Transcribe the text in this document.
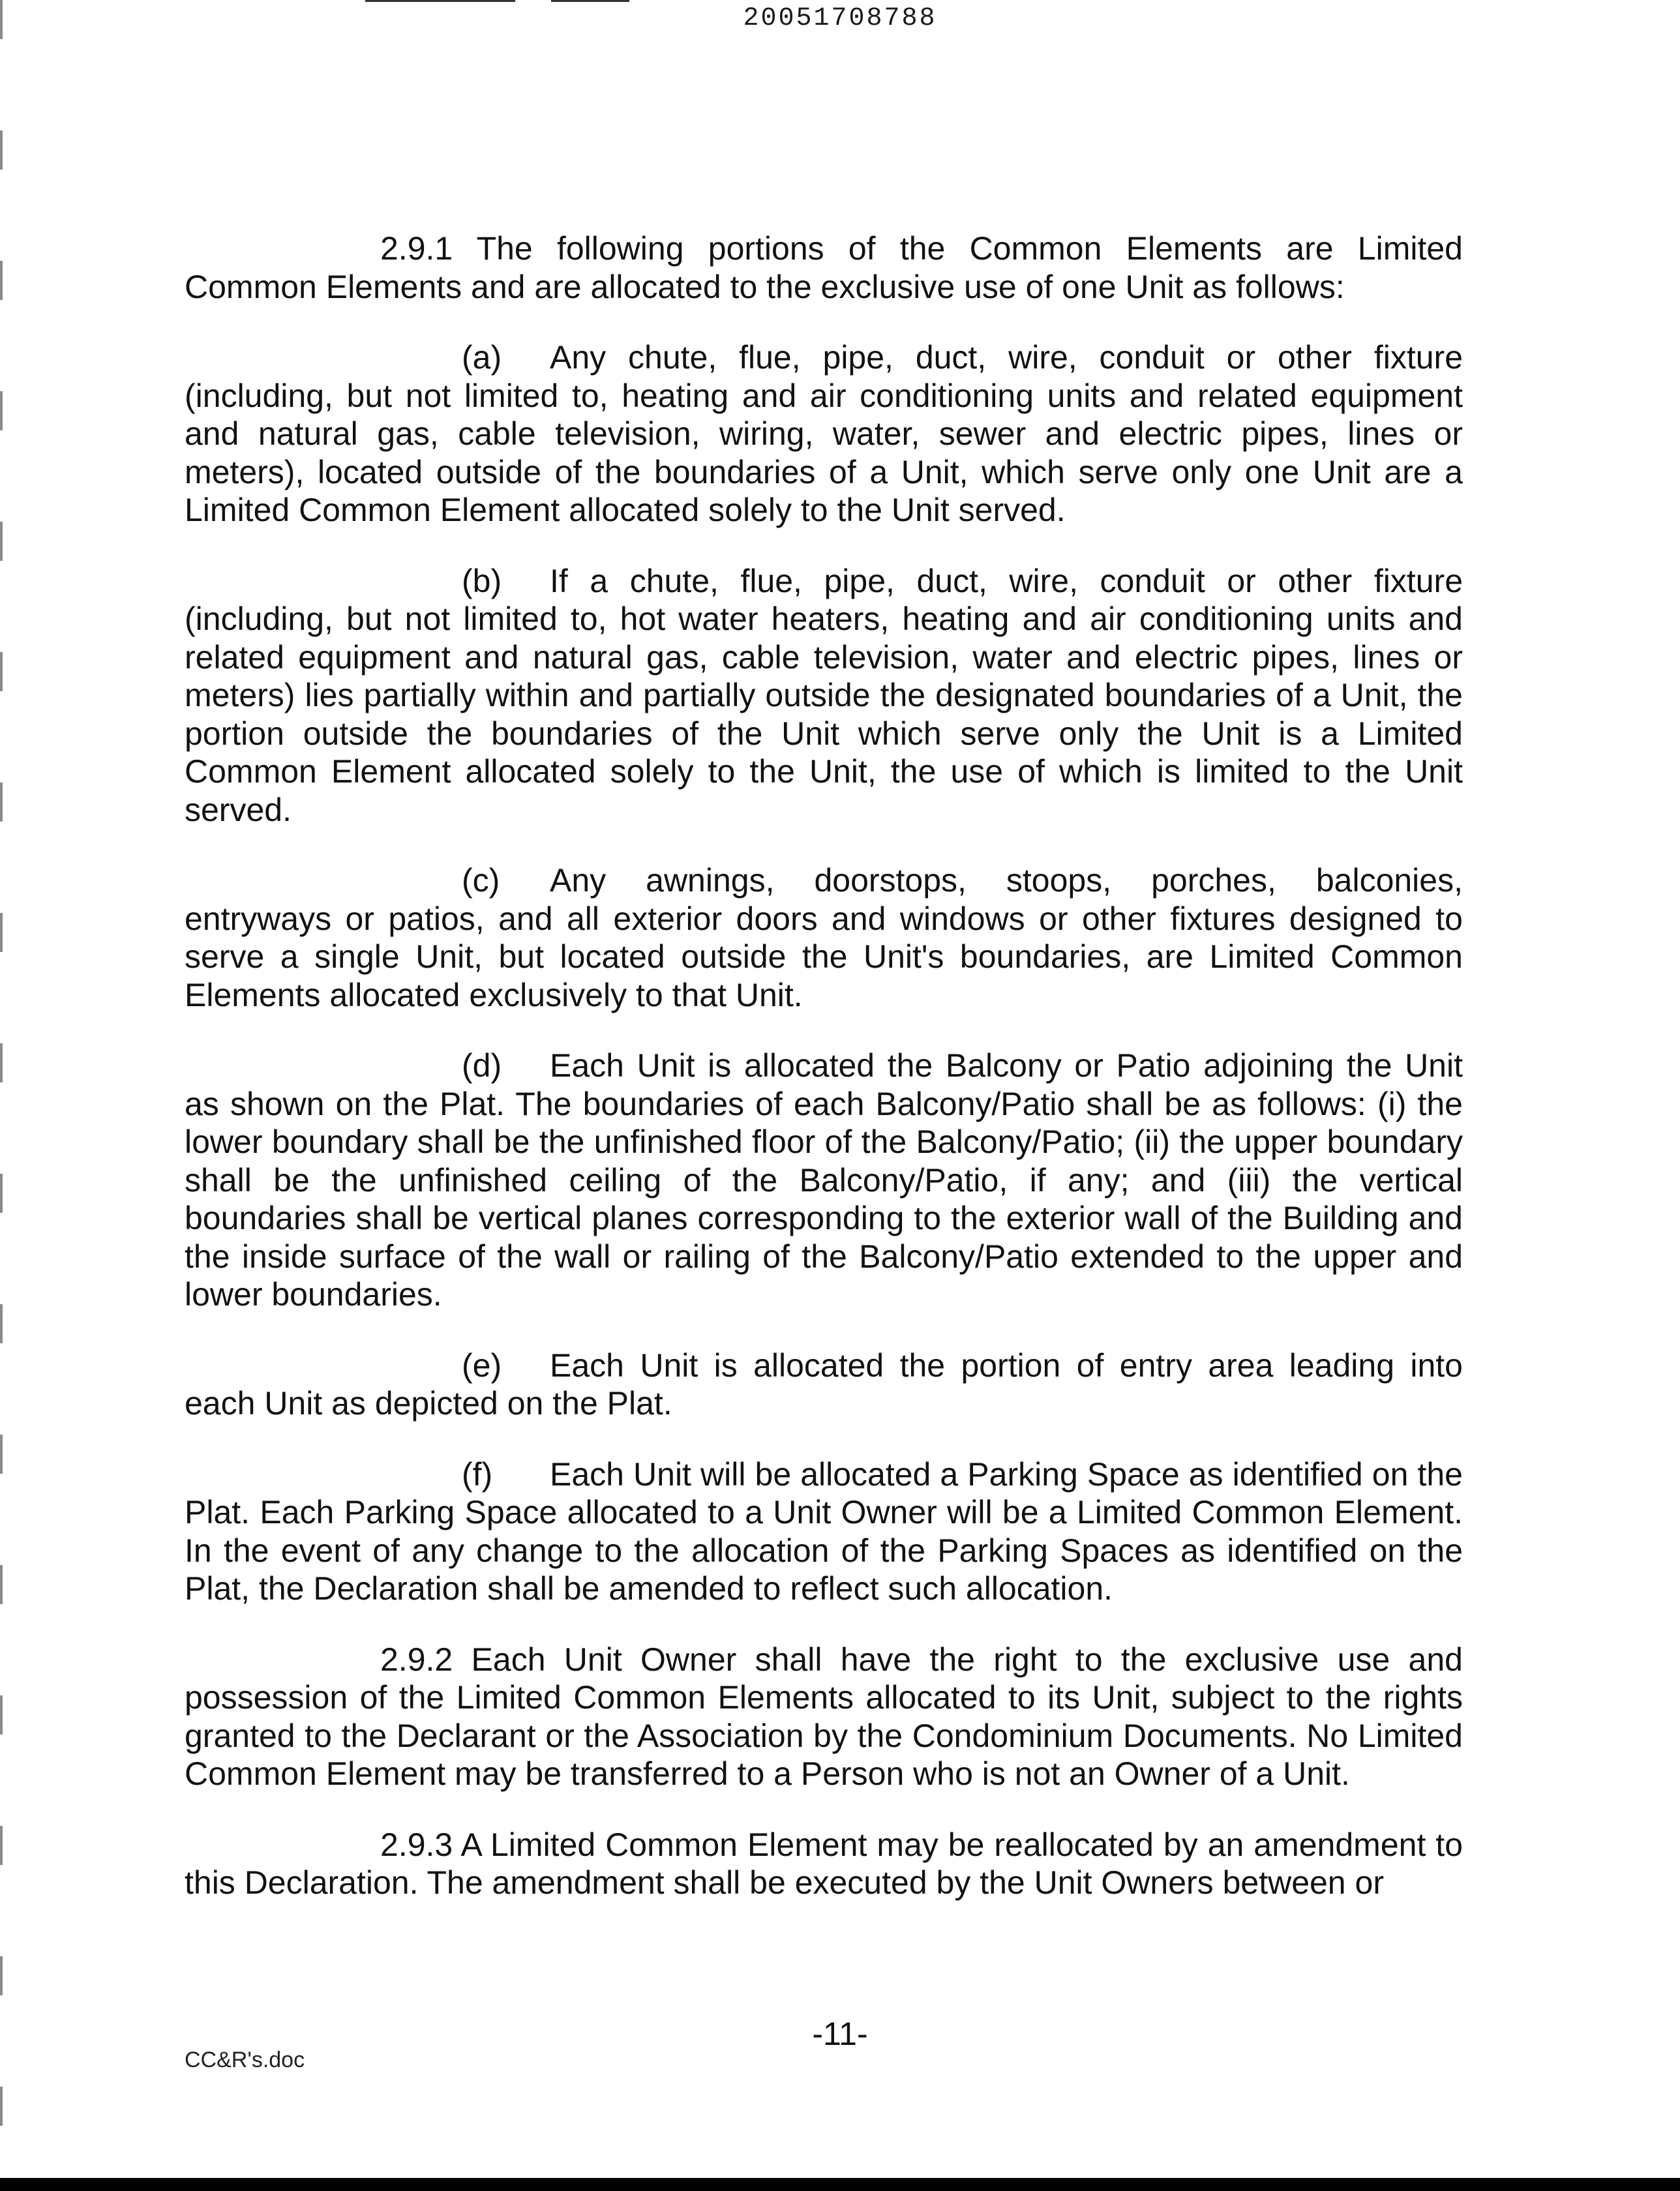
20051708788

2.9.1 The following portions of the Common Elements are Limited Common Elements and are allocated to the exclusive use of one Unit as follows:

(a) Any chute, flue, pipe, duct, wire, conduit or other fixture (including, but not limited to, heating and air conditioning units and related equipment and natural gas, cable television, wiring, water, sewer and electric pipes, lines or meters), located outside of the boundaries of a Unit, which serve only one Unit are a Limited Common Element allocated solely to the Unit served.

(b) If a chute, flue, pipe, duct, wire, conduit or other fixture (including, but not limited to, hot water heaters, heating and air conditioning units and related equipment and natural gas, cable television, water and electric pipes, lines or meters) lies partially within and partially outside the designated boundaries of a Unit, the portion outside the boundaries of the Unit which serve only the Unit is a Limited Common Element allocated solely to the Unit, the use of which is limited to the Unit served.

(c) Any awnings, doorstops, stoops, porches, balconies, entryways or patios, and all exterior doors and windows or other fixtures designed to serve a single Unit, but located outside the Unit's boundaries, are Limited Common Elements allocated exclusively to that Unit.

(d) Each Unit is allocated the Balcony or Patio adjoining the Unit as shown on the Plat. The boundaries of each Balcony/Patio shall be as follows: (i) the lower boundary shall be the unfinished floor of the Balcony/Patio; (ii) the upper boundary shall be the unfinished ceiling of the Balcony/Patio, if any; and (iii) the vertical boundaries shall be vertical planes corresponding to the exterior wall of the Building and the inside surface of the wall or railing of the Balcony/Patio extended to the upper and lower boundaries.

(e) Each Unit is allocated the portion of entry area leading into each Unit as depicted on the Plat.

(f) Each Unit will be allocated a Parking Space as identified on the Plat. Each Parking Space allocated to a Unit Owner will be a Limited Common Element. In the event of any change to the allocation of the Parking Spaces as identified on the Plat, the Declaration shall be amended to reflect such allocation.

2.9.2 Each Unit Owner shall have the right to the exclusive use and possession of the Limited Common Elements allocated to its Unit, subject to the rights granted to the Declarant or the Association by the Condominium Documents. No Limited Common Element may be transferred to a Person who is not an Owner of a Unit.

2.9.3 A Limited Common Element may be reallocated by an amendment to this Declaration. The amendment shall be executed by the Unit Owners between or

-11-
CC&R's.doc
